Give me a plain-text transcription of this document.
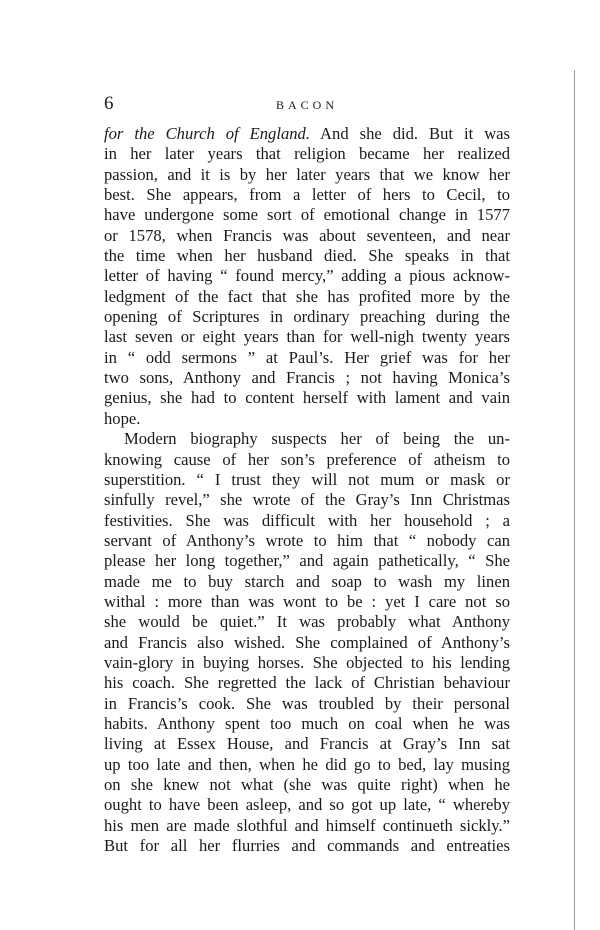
6	BACON
for the Church of England. And she did. But it was
in her later years that religion became her realized
passion, and it is by her later years that we know her
best. She appears, from a letter of hers to Cecil, to
have undergone some sort of emotional change in 1577
or 1578, when Francis was about seventeen, and near
the time when her husband died. She speaks in that
letter of having “ found mercy,” adding a pious acknow-
ledgment of the fact that she has profited more by the
opening of Scriptures in ordinary preaching during the
last seven or eight years than for well-nigh twenty years
in “ odd sermons ” at Paul’s. Her grief was for her
two sons, Anthony and Francis ; not having Monica’s
genius, she had to content herself with lament and vain
hope.
Modern biography suspects her of being the un-
knowing cause of her son’s preference of atheism to
superstition. “ I trust they will not mum or mask or
sinfully revel,” she wrote of the Gray’s Inn Christmas
festivities. She was difficult with her household ; a
servant of Anthony’s wrote to him that “ nobody can
please her long together,” and again pathetically, “ She
made me to buy starch and soap to wash my linen
withal : more than was wont to be : yet I care not so
she would be quiet.” It was probably what Anthony
and Francis also wished. She complained of Anthony’s
vain-glory in buying horses. She objected to his lending
his coach. She regretted the lack of Christian behaviour
in Francis’s cook. She was troubled by their personal
habits. Anthony spent too much on coal when he was
living at Essex House, and Francis at Gray’s Inn sat
up too late and then, when he did go to bed, lay musing
on she knew not what (she was quite right) when he
ought to have been asleep, and so got up late, “ whereby
his men are made slothful and himself continueth sickly.”
But for all her flurries and commands and entreaties
